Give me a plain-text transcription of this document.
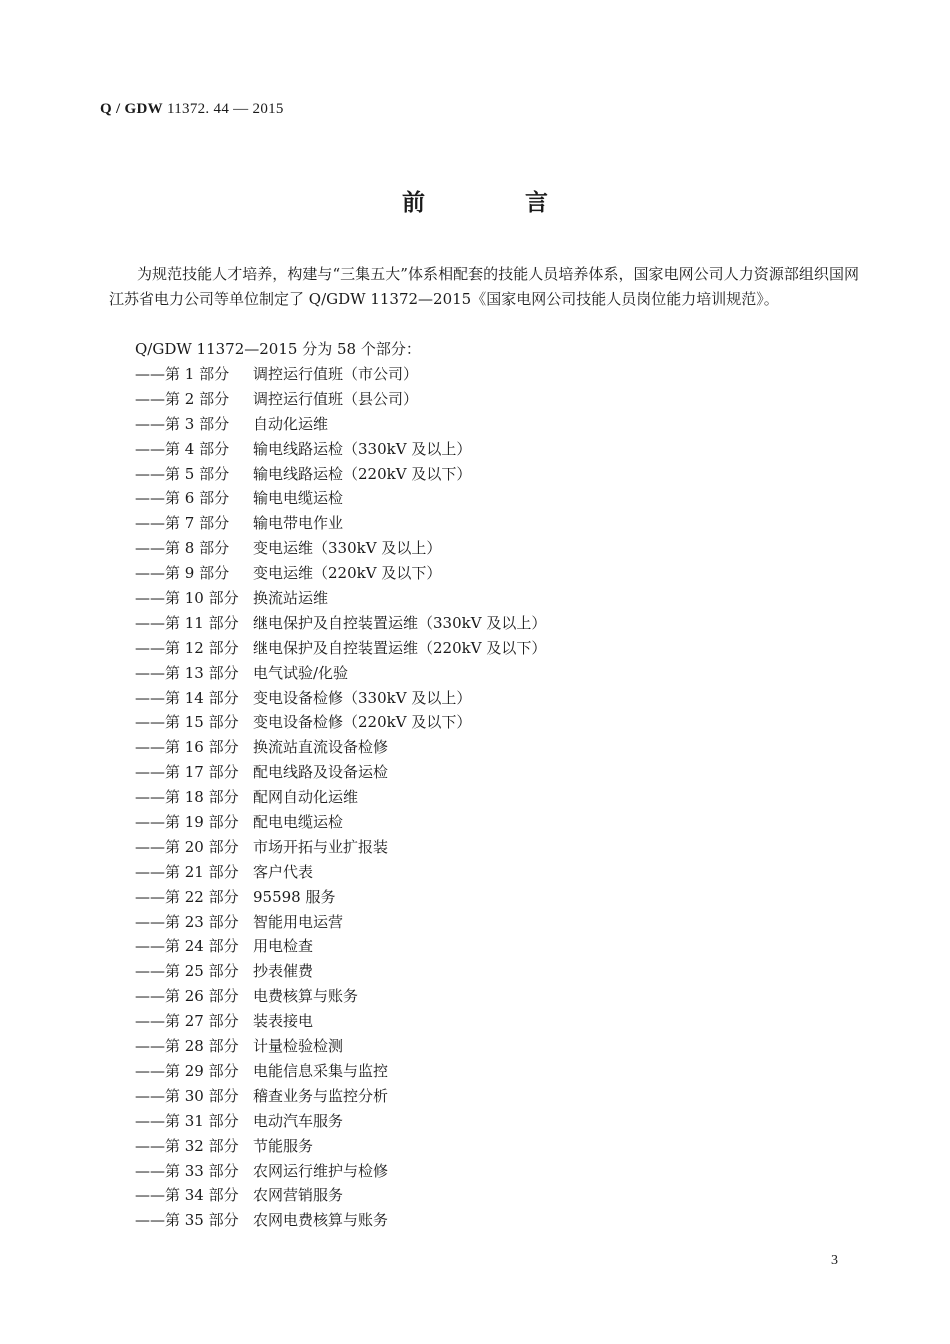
Q / GDW 11372. 44 — 2015
前 言

为规范技能人才培养，构建与“三集五大”体系相配套的技能人员培养体系，国家电网公司人力资源部组织国网江苏省电力公司等单位制定了 Q/GDW 11372—2015《国家电网公司技能人员岗位能力培训规范》。

Q/GDW 11372—2015 分为 58 个部分：
——第 1 部分 调控运行值班（市公司）
——第 2 部分 调控运行值班（县公司）
——第 3 部分 自动化运维
——第 4 部分 输电线路运检（330kV 及以上）
——第 5 部分 输电线路运检（220kV 及以下）
——第 6 部分 输电电缆运检
——第 7 部分 输电带电作业
——第 8 部分 变电运维（330kV 及以上）
——第 9 部分 变电运维（220kV 及以下）
——第 10 部分 换流站运维
——第 11 部分 继电保护及自控装置运维（330kV 及以上）
——第 12 部分 继电保护及自控装置运维（220kV 及以下）
——第 13 部分 电气试验/化验
——第 14 部分 变电设备检修（330kV 及以上）
——第 15 部分 变电设备检修（220kV 及以下）
——第 16 部分 换流站直流设备检修
——第 17 部分 配电线路及设备运检
——第 18 部分 配网自动化运维
——第 19 部分 配电电缆运检
——第 20 部分 市场开拓与业扩报装
——第 21 部分 客户代表
——第 22 部分 95598 服务
——第 23 部分 智能用电运营
——第 24 部分 用电检查
——第 25 部分 抄表催费
——第 26 部分 电费核算与账务
——第 27 部分 装表接电
——第 28 部分 计量检验检测
——第 29 部分 电能信息采集与监控
——第 30 部分 稽查业务与监控分析
——第 31 部分 电动汽车服务
——第 32 部分 节能服务
——第 33 部分 农网运行维护与检修
——第 34 部分 农网营销服务
——第 35 部分 农网电费核算与账务
3
